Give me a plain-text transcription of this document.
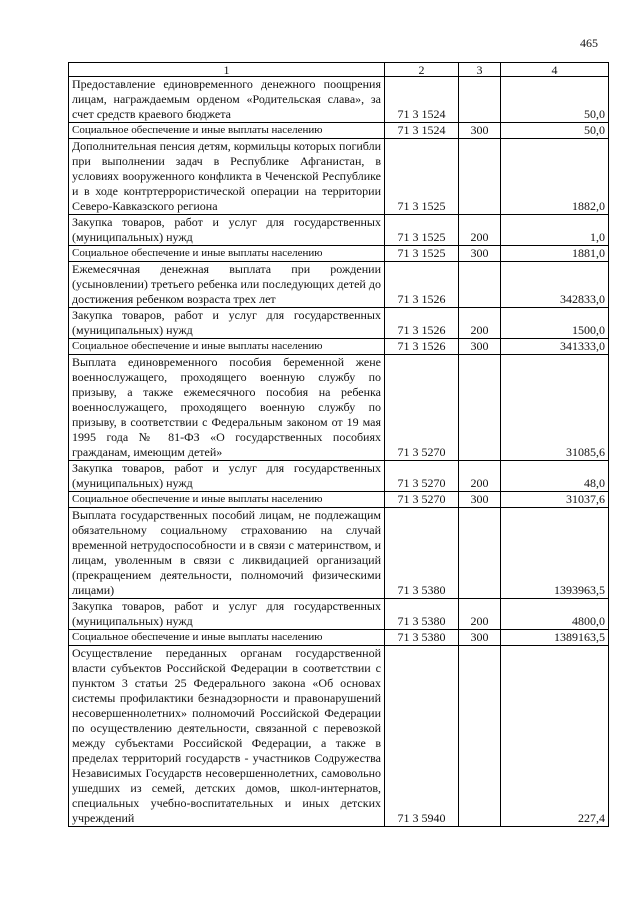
465
1	2	3	4
Предоставление единовременного денежного поощрения лицам, награждаемым орденом «Родительская слава», за счет средств краевого бюджета	71 3 1524		50,0
Социальное обеспечение и иные выплаты населению	71 3 1524	300	50,0
Дополнительная пенсия детям, кормильцы которых погибли при выполнении задач в Республике Афганистан, в условиях вооруженного конфликта в Чеченской Республике и в ходе контртеррористической операции на территории Северо-Кавказского региона	71 3 1525		1882,0
Закупка товаров, работ и услуг для государственных (муниципальных) нужд	71 3 1525	200	1,0
Социальное обеспечение и иные выплаты населению	71 3 1525	300	1881,0
Ежемесячная денежная выплата при рождении (усыновлении) третьего ребенка или последующих детей до достижения ребенком возраста трех лет	71 3 1526		342833,0
Закупка товаров, работ и услуг для государственных (муниципальных) нужд	71 3 1526	200	1500,0
Социальное обеспечение и иные выплаты населению	71 3 1526	300	341333,0
Выплата единовременного пособия беременной жене военнослужащего, проходящего военную службу по призыву, а также ежемесячного пособия на ребенка военнослужащего, проходящего военную службу по призыву, в соответствии с Федеральным законом от 19 мая 1995 года № 81-ФЗ «О государственных пособиях гражданам, имеющим детей»	71 3 5270		31085,6
Закупка товаров, работ и услуг для государственных (муниципальных) нужд	71 3 5270	200	48,0
Социальное обеспечение и иные выплаты населению	71 3 5270	300	31037,6
Выплата государственных пособий лицам, не подлежащим обязательному социальному страхованию на случай временной нетрудоспособности и в связи с материнством, и лицам, уволенным в связи с ликвидацией организаций (прекращением деятельности, полномочий физическими лицами)	71 3 5380		1393963,5
Закупка товаров, работ и услуг для государственных (муниципальных) нужд	71 3 5380	200	4800,0
Социальное обеспечение и иные выплаты населению	71 3 5380	300	1389163,5
Осуществление переданных органам государственной власти субъектов Российской Федерации в соответствии с пунктом 3 статьи 25 Федерального закона «Об основах системы профилактики безнадзорности и правонарушений несовершеннолетних» полномочий Российской Федерации по осуществлению деятельности, связанной с перевозкой между субъектами Российской Федерации, а также в пределах территорий государств - участников Содружества Независимых Государств несовершеннолетних, самовольно ушедших из семей, детских домов, школ-интернатов, специальных учебно-воспитательных и иных детских учреждений	71 3 5940		227,4
